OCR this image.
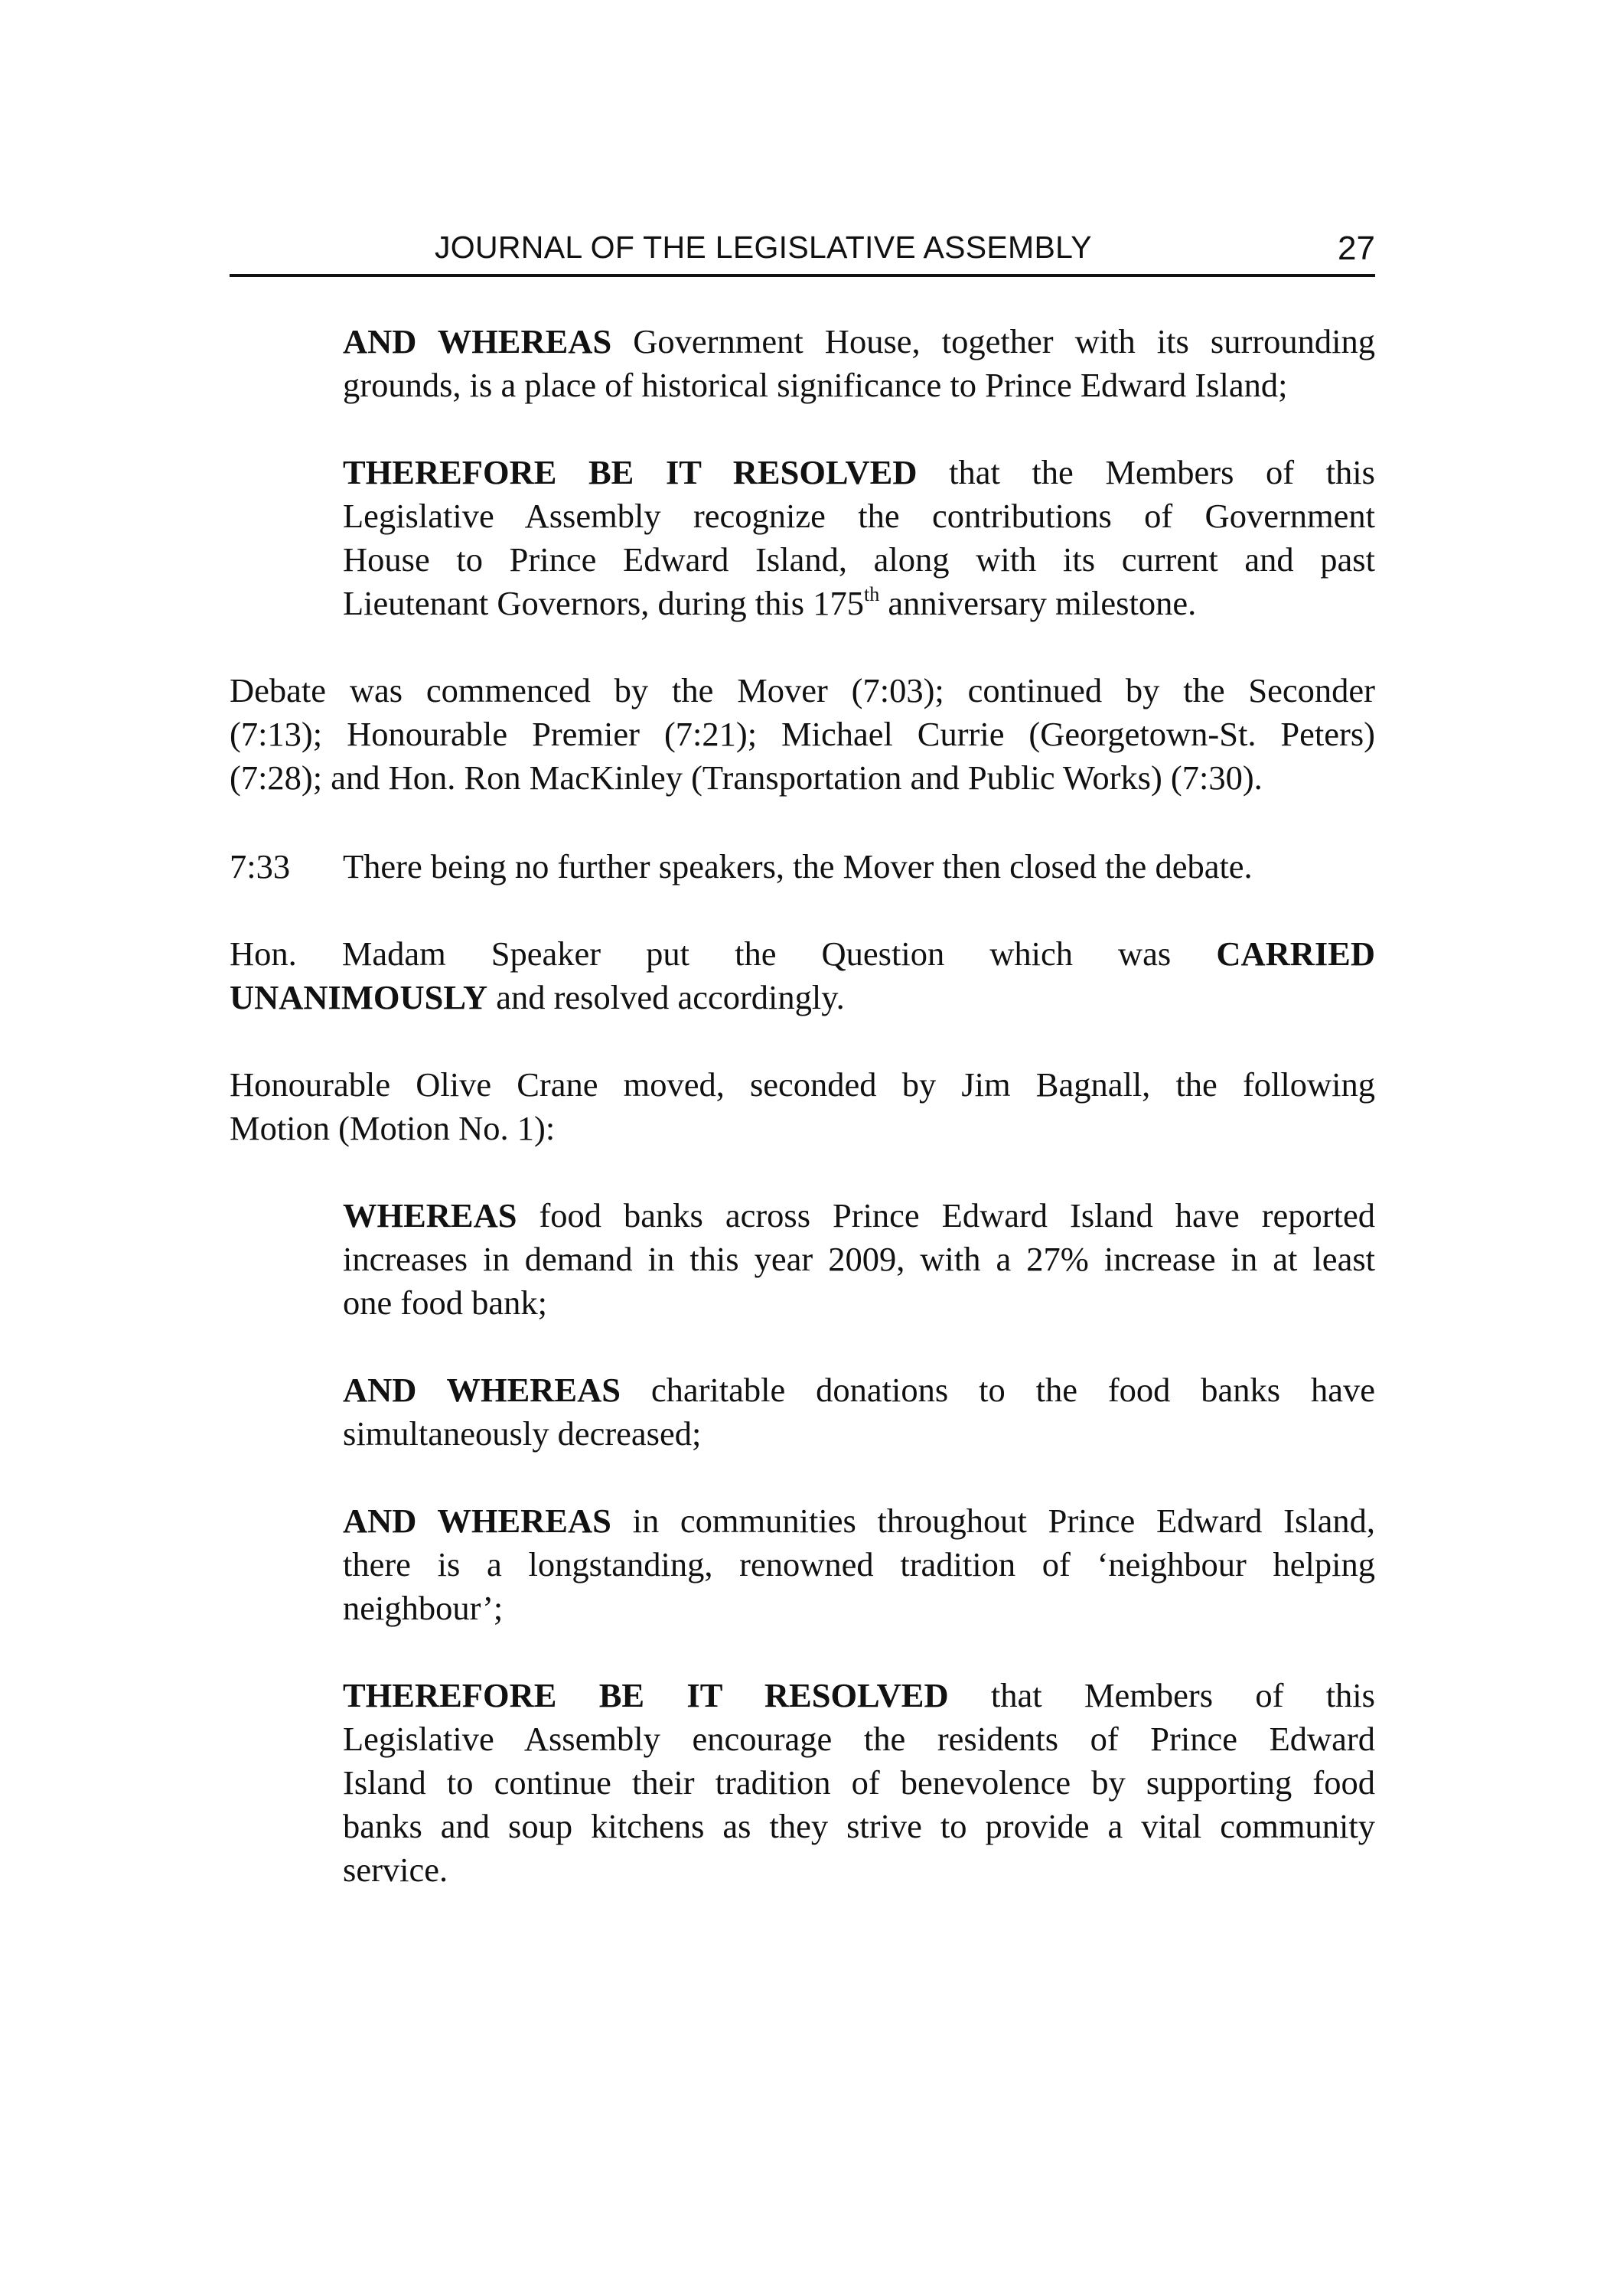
JOURNAL OF THE LEGISLATIVE ASSEMBLY	27
AND WHEREAS Government House, together with its surrounding
grounds, is a place of historical significance to Prince Edward Island;
THEREFORE BE IT RESOLVED that the Members of this
Legislative Assembly recognize the contributions of Government
House to Prince Edward Island, along with its current and past
Lieutenant Governors, during this 175th anniversary milestone.
Debate was commenced by the Mover (7:03); continued by the Seconder
(7:13); Honourable Premier (7:21); Michael Currie (Georgetown-St. Peters)
(7:28); and Hon. Ron MacKinley (Transportation and Public Works) (7:30).
7:33 There being no further speakers, the Mover then closed the debate.
Hon. Madam Speaker put the Question which was CARRIED
UNANIMOUSLY and resolved accordingly.
Honourable Olive Crane moved, seconded by Jim Bagnall, the following
Motion (Motion No. 1):
WHEREAS food banks across Prince Edward Island have reported
increases in demand in this year 2009, with a 27% increase in at least
one food bank;
AND WHEREAS charitable donations to the food banks have
simultaneously decreased;
AND WHEREAS in communities throughout Prince Edward Island,
there is a longstanding, renowned tradition of ‘neighbour helping
neighbour’;
THEREFORE BE IT RESOLVED that Members of this
Legislative Assembly encourage the residents of Prince Edward
Island to continue their tradition of benevolence by supporting food
banks and soup kitchens as they strive to provide a vital community
service.
